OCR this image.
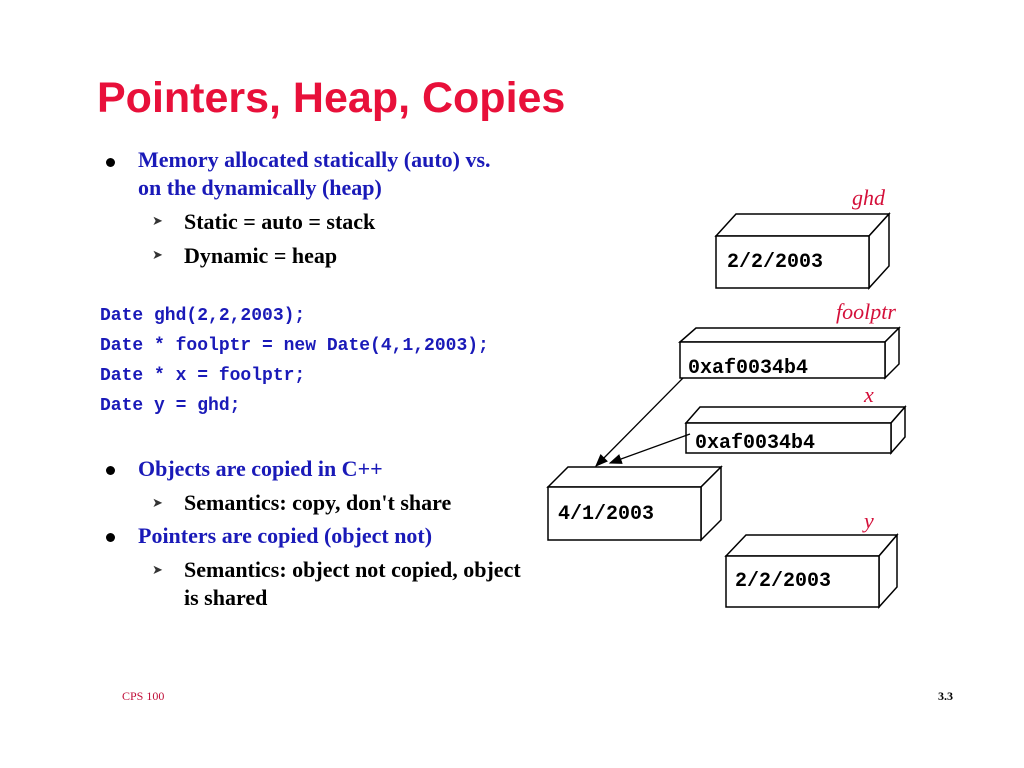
Pointers, Heap, Copies
Memory allocated statically (auto) vs.
on the dynamically (heap)
➤ Static = auto = stack
➤ Dynamic = heap
Date ghd(2,2,2003);
Date * foolptr = new Date(4,1,2003);
Date * x = foolptr;
Date y = ghd;
Objects are copied in C++
➤ Semantics: copy, don't share
Pointers are copied (object not)
➤ Semantics: object not copied, object
is shared
2/2/2003
ghd
0xaf0034b4
foolptr
0xaf0034b4
x
4/1/2003
2/2/2003
y
CPS 100	3.3
